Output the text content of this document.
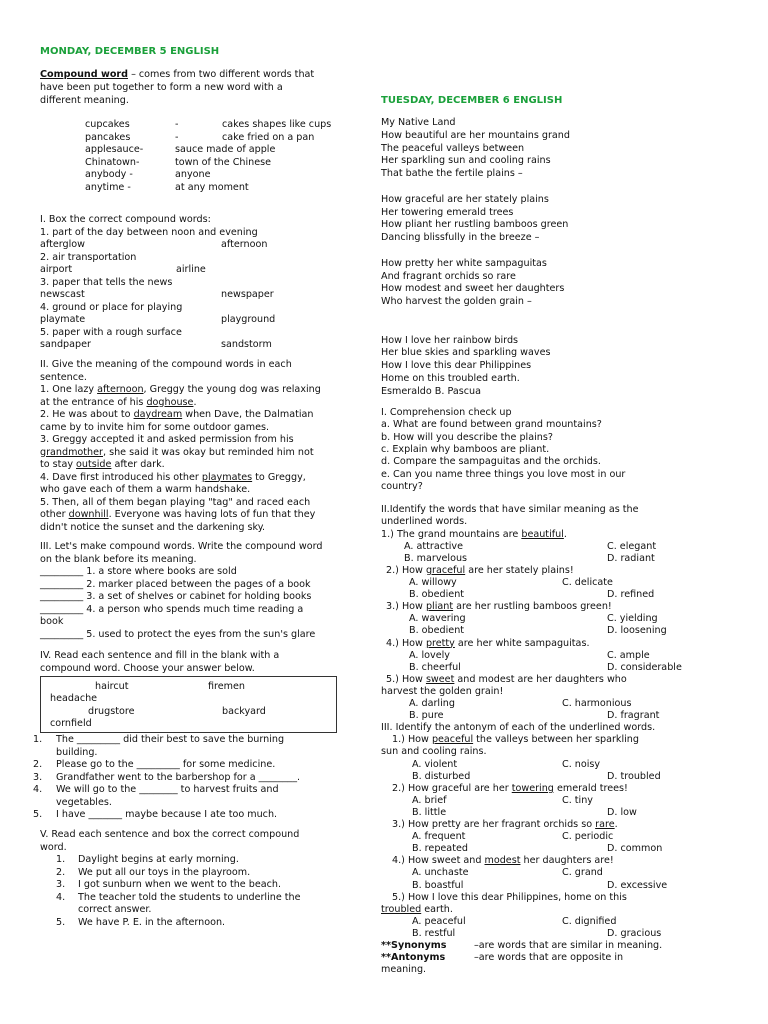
MONDAY, DECEMBER 5 ENGLISH
Compound word – comes from two different words that
have been put together to form a new word with a
different meaning.
cupcakes	-	cakes shapes like cups
pancakes	-	cake fried on a pan
applesauce-	sauce made of apple
Chinatown-	town of the Chinese
anybody -	anyone
anytime -	at any moment
I. Box the correct compound words:
1. part of the day between noon and evening
afterglow	afternoon
2. air transportation
airport	airline
3. paper that tells the news
newscast	newspaper
4. ground or place for playing
playmate	playground
5. paper with a rough surface
sandpaper	sandstorm
II. Give the meaning of the compound words in each
sentence.
1. One lazy afternoon, Greggy the young dog was relaxing
at the entrance of his doghouse.
2. He was about to daydream when Dave, the Dalmatian
came by to invite him for some outdoor games.
3. Greggy accepted it and asked permission from his
grandmother, she said it was okay but reminded him not
to stay outside after dark.
4. Dave first introduced his other playmates to Greggy,
who gave each of them a warm handshake.
5. Then, all of them began playing "tag" and raced each
other downhill. Everyone was having lots of fun that they
didn't notice the sunset and the darkening sky.
III. Let's make compound words. Write the compound word
on the blank before its meaning.
_________ 1. a store where books are sold
_________ 2. marker placed between the pages of a book
_________ 3. a set of shelves or cabinet for holding books
_________ 4. a person who spends much time reading a
book
_________ 5. used to protect the eyes from the sun's glare
IV. Read each sentence and fill in the blank with a
compound word. Choose your answer below.
haircut	firemen
headache
drugstore	backyard
cornfield
1. The _________ did their best to save the burning
building.
2. Please go to the _________ for some medicine.
3. Grandfather went to the barbershop for a ________.
4. We will go to the ________ to harvest fruits and
vegetables.
5. I have _______ maybe because I ate too much.
V. Read each sentence and box the correct compound
word.
1. Daylight begins at early morning.
2. We put all our toys in the playroom.
3. I got sunburn when we went to the beach.
4. The teacher told the students to underline the
correct answer.
5. We have P. E. in the afternoon.
TUESDAY, DECEMBER 6 ENGLISH
My Native Land
How beautiful are her mountains grand
The peaceful valleys between
Her sparkling sun and cooling rains
That bathe the fertile plains –
How graceful are her stately plains
Her towering emerald trees
How pliant her rustling bamboos green
Dancing blissfully in the breeze –
How pretty her white sampaguitas
And fragrant orchids so rare
How modest and sweet her daughters
Who harvest the golden grain –
How I love her rainbow birds
Her blue skies and sparkling waves
How I love this dear Philippines
Home on this troubled earth.
Esmeraldo B. Pascua
I. Comprehension check up
a. What are found between grand mountains?
b. How will you describe the plains?
c. Explain why bamboos are pliant.
d. Compare the sampaguitas and the orchids.
e. Can you name three things you love most in our
country?
II.Identify the words that have similar meaning as the
underlined words.
1.) The grand mountains are beautiful.
A. attractive	C. elegant
B. marvelous	D. radiant
2.) How graceful are her stately plains!
A. willowy	C. delicate
B. obedient	D. refined
3.) How pliant are her rustling bamboos green!
A. wavering	C. yielding
B. obedient	D. loosening
4.) How pretty are her white sampaguitas.
A. lovely	C. ample
B. cheerful	D. considerable
5.) How sweet and modest are her daughters who
harvest the golden grain!
A. darling	C. harmonious
B. pure	D. fragrant
III. Identify the antonym of each of the underlined words.
1.) How peaceful the valleys between her sparkling
sun and cooling rains.
A. violent	C. noisy
B. disturbed	D. troubled
2.) How graceful are her towering emerald trees!
A. brief	C. tiny
B. little	D. low
3.) How pretty are her fragrant orchids so rare.
A. frequent	C. periodic
B. repeated	D. common
4.) How sweet and modest her daughters are!
A. unchaste	C. grand
B. boastful	D. excessive
5.) How I love this dear Philippines, home on this
troubled earth.
A. peaceful	C. dignified
B. restful	D. gracious
**Synonyms	–are words that are similar in meaning.
**Antonyms	–are words that are opposite in
meaning.
